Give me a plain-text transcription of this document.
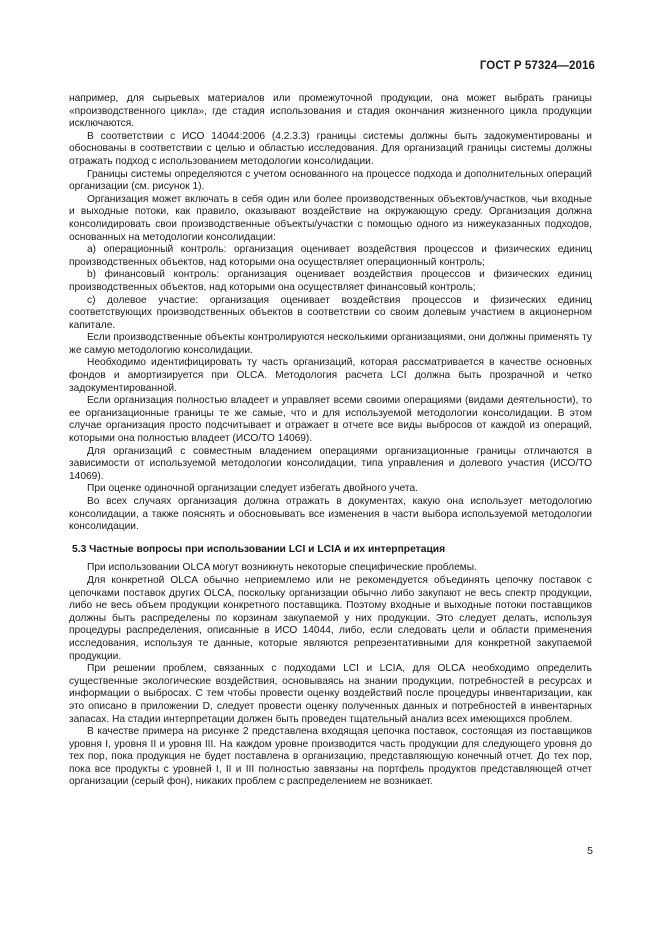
ГОСТ Р 57324—2016

например, для сырьевых материалов или промежуточной продукции, она может выбрать границы «производственного цикла», где стадия использования и стадия окончания жизненного цикла продукции исключаются.

В соответствии с ИСО 14044:2006 (4.2.3.3) границы системы должны быть задокументированы и обоснованы в соответствии с целью и областью исследования. Для организаций границы системы должны отражать подход с использованием методологии консолидации.

Границы системы определяются с учетом основанного на процессе подхода и дополнительных операций организации (см. рисунок 1).

Организация может включать в себя один или более производственных объектов/участков, чьи входные и выходные потоки, как правило, оказывают воздействие на окружающую среду. Организация должна консолидировать свои производственные объекты/участки с помощью одного из нижеуказанных подходов, основанных на методологии консолидации:

а) операционный контроль: организация оценивает воздействия процессов и физических единиц производственных объектов, над которыми она осуществляет операционный контроль;

b) финансовый контроль: организация оценивает воздействия процессов и физических единиц производственных объектов, над которыми она осуществляет финансовый контроль;

с) долевое участие: организация оценивает воздействия процессов и физических единиц соответствующих производственных объектов в соответствии со своим долевым участием в акционерном капитале.

Если производственные объекты контролируются несколькими организациями, они должны применять ту же самую методологию консолидации.

Необходимо идентифицировать ту часть организаций, которая рассматривается в качестве основных фондов и амортизируется при OLCA. Методология расчета LCI должна быть прозрачной и четко задокументированной.

Если организация полностью владеет и управляет всеми своими операциями (видами деятельности), то ее организационные границы те же самые, что и для используемой методологии консолидации. В этом случае организация просто подсчитывает и отражает в отчете все виды выбросов от каждой из операций, которыми она полностью владеет (ИСО/ТО 14069).

Для организаций с совместным владением операциями организационные границы отличаются в зависимости от используемой методологии консолидации, типа управления и долевого участия (ИСО/ТО 14069).

При оценке одиночной организации следует избегать двойного учета.

Во всех случаях организация должна отражать в документах, какую она использует методологию консолидации, а также пояснять и обосновывать все изменения в части выбора используемой методологии консолидации.

5.3 Частные вопросы при использовании LCI и LCIA и их интерпретация

При использовании OLCA могут возникнуть некоторые специфические проблемы.

Для конкретной OLCA обычно неприемлемо или не рекомендуется объединять цепочку поставок с цепочками поставок других OLCA, поскольку организации обычно либо закупают не весь спектр продукции, либо не весь объем продукции конкретного поставщика. Поэтому входные и выходные потоки поставщиков должны быть распределены по корзинам закупаемой у них продукции. Это следует делать, используя процедуры распределения, описанные в ИСО 14044, либо, если следовать цели и области применения исследования, используя те данные, которые являются репрезентативными для конкретной закупаемой продукции.

При решении проблем, связанных с подходами LCI и LCIA, для OLCA необходимо определить существенные экологические воздействия, основываясь на знании продукции, потребностей в ресурсах и информации о выбросах. С тем чтобы провести оценку воздействий после процедуры инвентаризации, как это описано в приложении D, следует провести оценку полученных данных и потребностей в инвентарных запасах. На стадии интерпретации должен быть проведен тщательный анализ всех имеющихся проблем.

В качестве примера на рисунке 2 представлена входящая цепочка поставок, состоящая из поставщиков уровня I, уровня II и уровня III. На каждом уровне производится часть продукции для следующего уровня до тех пор, пока продукция не будет поставлена в организацию, представляющую конечный отчет. До тех пор, пока все продукты с уровней I, II и III полностью завязаны на портфель продуктов представляющей отчет организации (серый фон), никаких проблем с распределением не возникает.

5
